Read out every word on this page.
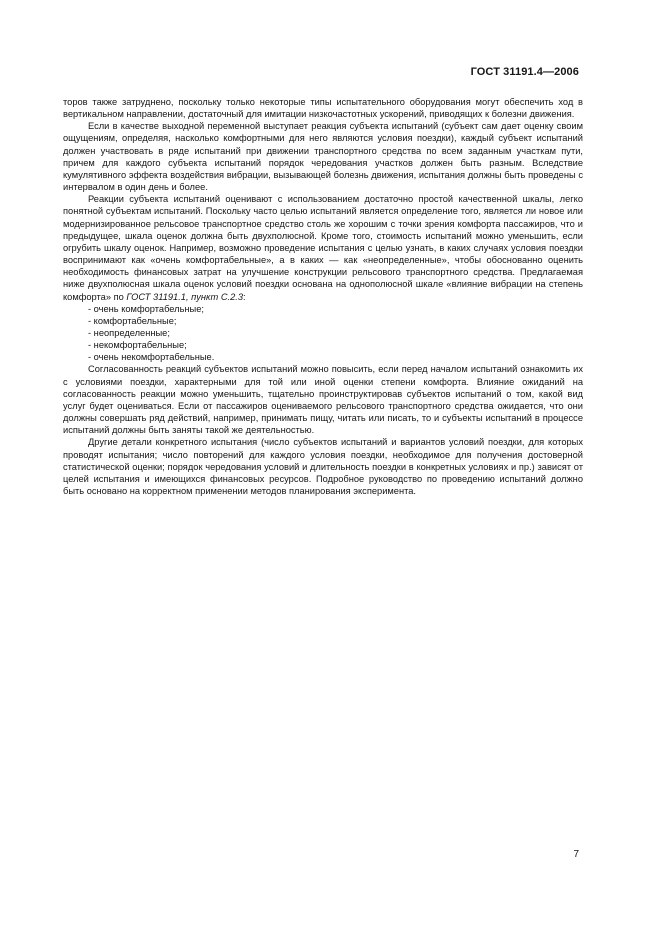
ГОСТ 31191.4—2006

торов также затруднено, поскольку только некоторые типы испытательного оборудования могут обеспечить ход в вертикальном направлении, достаточный для имитации низкочастотных ускорений, приводящих к болезни движения.

Если в качестве выходной переменной выступает реакция субъекта испытаний (субъект сам дает оценку своим ощущениям, определяя, насколько комфортными для него являются условия поездки), каждый субъект испытаний должен участвовать в ряде испытаний при движении транспортного средства по всем заданным участкам пути, причем для каждого субъекта испытаний порядок чередования участков должен быть разным. Вследствие кумулятивного эффекта воздействия вибрации, вызывающей болезнь движения, испытания должны быть проведены с интервалом в один день и более.

Реакции субъекта испытаний оценивают с использованием достаточно простой качественной шкалы, легко понятной субъектам испытаний. Поскольку часто целью испытаний является определение того, является ли новое или модернизированное рельсовое транспортное средство столь же хорошим с точки зрения комфорта пассажиров, что и предыдущее, шкала оценок должна быть двухполюсной. Кроме того, стоимость испытаний можно уменьшить, если огрубить шкалу оценок. Например, возможно проведение испытания с целью узнать, в каких случаях условия поездки воспринимают как «очень комфортабельные», а в каких — как «неопределенные», чтобы обоснованно оценить необходимость финансовых затрат на улучшение конструкции рельсового транспортного средства. Предлагаемая ниже двухполюсная шкала оценок условий поездки основана на однополюсной шкале «влияние вибрации на степень комфорта» по ГОСТ 31191.1, пункт С.2.3:

- очень комфортабельные;
- комфортабельные;
- неопределенные;
- некомфортабельные;
- очень некомфортабельные.

Согласованность реакций субъектов испытаний можно повысить, если перед началом испытаний ознакомить их с условиями поездки, характерными для той или иной оценки степени комфорта. Влияние ожиданий на согласованность реакции можно уменьшить, тщательно проинструктировав субъектов испытаний о том, какой вид услуг будет оцениваться. Если от пассажиров оцениваемого рельсового транспортного средства ожидается, что они должны совершать ряд действий, например, принимать пищу, читать или писать, то и субъекты испытаний в процессе испытаний должны быть заняты такой же деятельностью.

Другие детали конкретного испытания (число субъектов испытаний и вариантов условий поездки, для которых проводят испытания; число повторений для каждого условия поездки, необходимое для получения достоверной статистической оценки; порядок чередования условий и длительность поездки в конкретных условиях и пр.) зависят от целей испытания и имеющихся финансовых ресурсов. Подробное руководство по проведению испытаний должно быть основано на корректном применении методов планирования эксперимента.

7
